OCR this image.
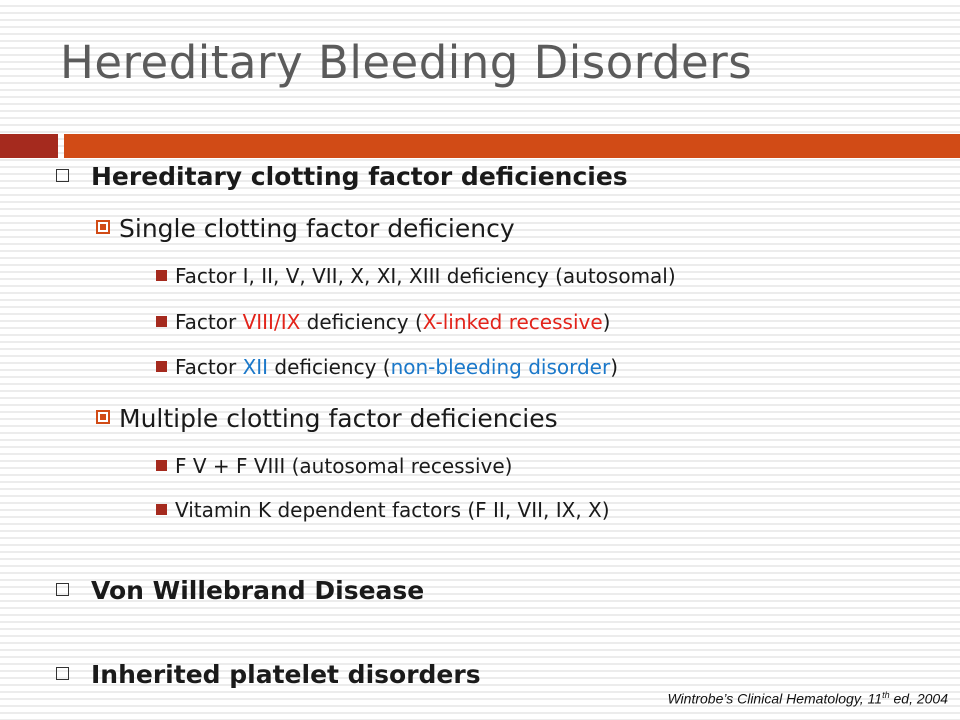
Hereditary Bleeding Disorders
Hereditary clotting factor deficiencies
Single clotting factor deficiency
Factor I, II, V, VII, X, XI, XIII deficiency (autosomal)
Factor VIII/IX deficiency (X-linked recessive)
Factor XII deficiency (non-bleeding disorder)
Multiple clotting factor deficiencies
F V + F VIII (autosomal recessive)
Vitamin K dependent factors (F II, VII, IX, X)
Von Willebrand Disease
Inherited platelet disorders
Wintrobe’s Clinical Hematology, 11th ed, 2004
